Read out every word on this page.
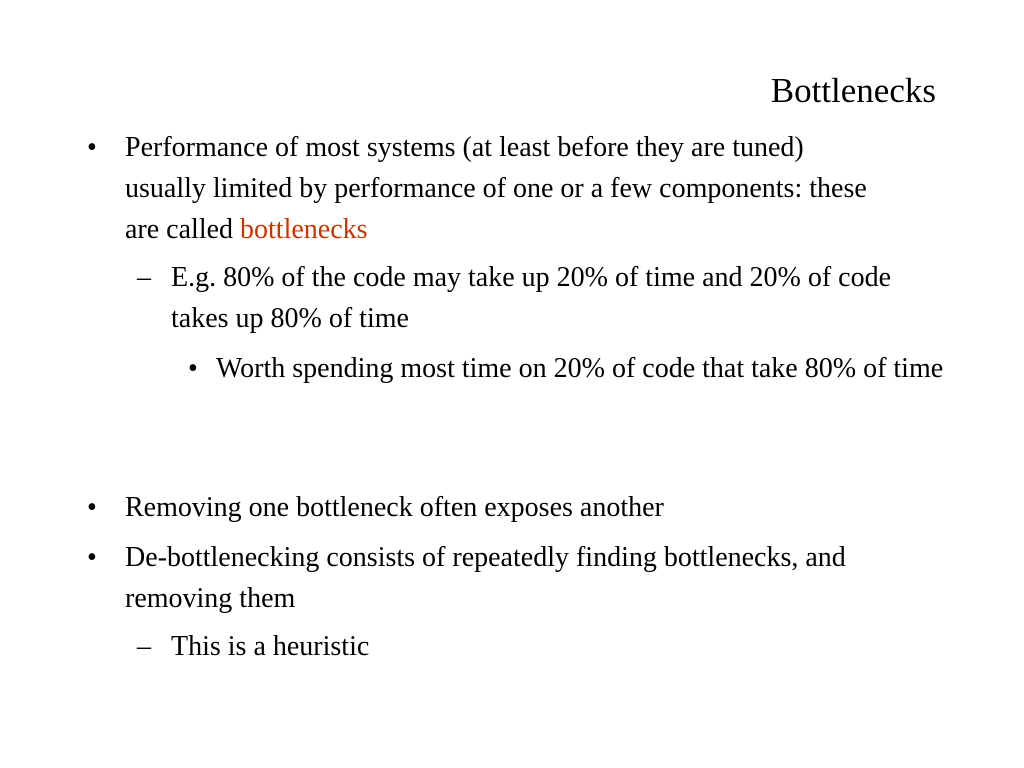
Bottlenecks
• Performance of most systems (at least before they are tuned) usually limited by performance of one or a few components: these are called bottlenecks
– E.g. 80% of the code may take up 20% of time and 20% of code takes up 80% of time
• Worth spending most time on 20% of code that take 80% of time
• Removing one bottleneck often exposes another
• De-bottlenecking consists of repeatedly finding bottlenecks, and removing them
– This is a heuristic
